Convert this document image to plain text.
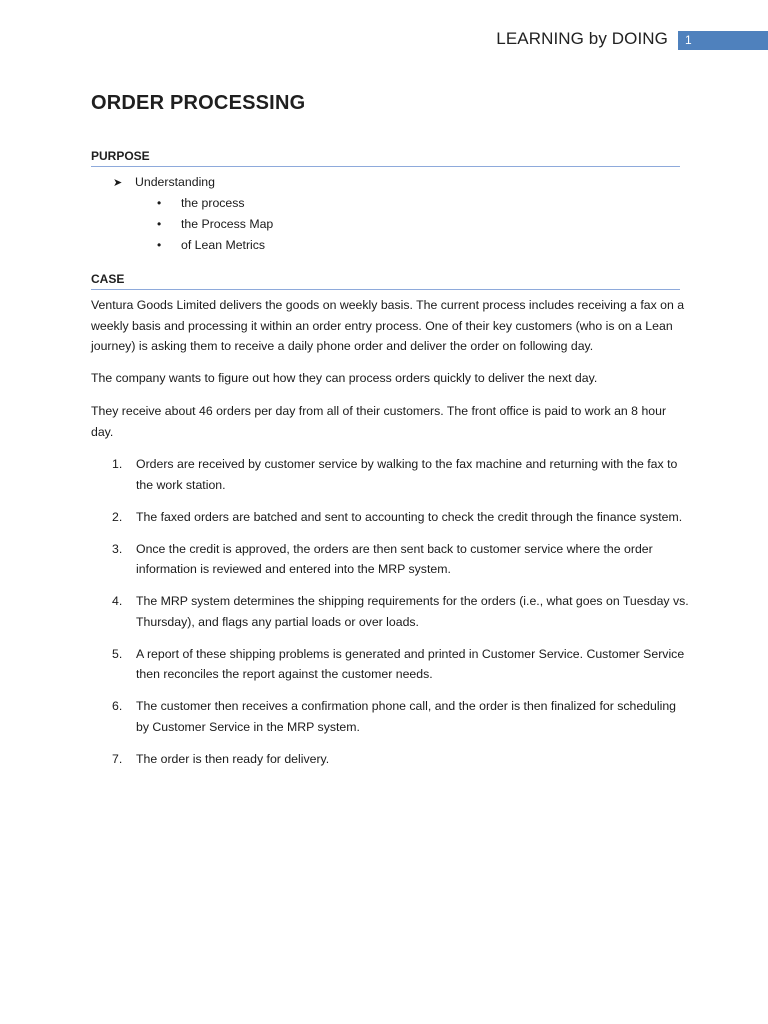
LEARNING by DOING	1
ORDER PROCESSING
PURPOSE
➤ Understanding
• the process
• the Process Map
• of Lean Metrics
CASE

Ventura Goods Limited delivers the goods on weekly basis. The current process includes receiving a fax on a weekly basis and processing it within an order entry process. One of their key customers (who is on a Lean journey) is asking them to receive a daily phone order and deliver the order on following day.

The company wants to figure out how they can process orders quickly to deliver the next day.

They receive about 46 orders per day from all of their customers. The front office is paid to work an 8 hour day.

1. Orders are received by customer service by walking to the fax machine and returning with the fax to the work station.
2. The faxed orders are batched and sent to accounting to check the credit through the finance system.
3. Once the credit is approved, the orders are then sent back to customer service where the order information is reviewed and entered into the MRP system.
4. The MRP system determines the shipping requirements for the orders (i.e., what goes on Tuesday vs. Thursday), and flags any partial loads or over loads.
5. A report of these shipping problems is generated and printed in Customer Service. Customer Service then reconciles the report against the customer needs.
6. The customer then receives a confirmation phone call, and the order is then finalized for scheduling by Customer Service in the MRP system.
7. The order is then ready for delivery.
